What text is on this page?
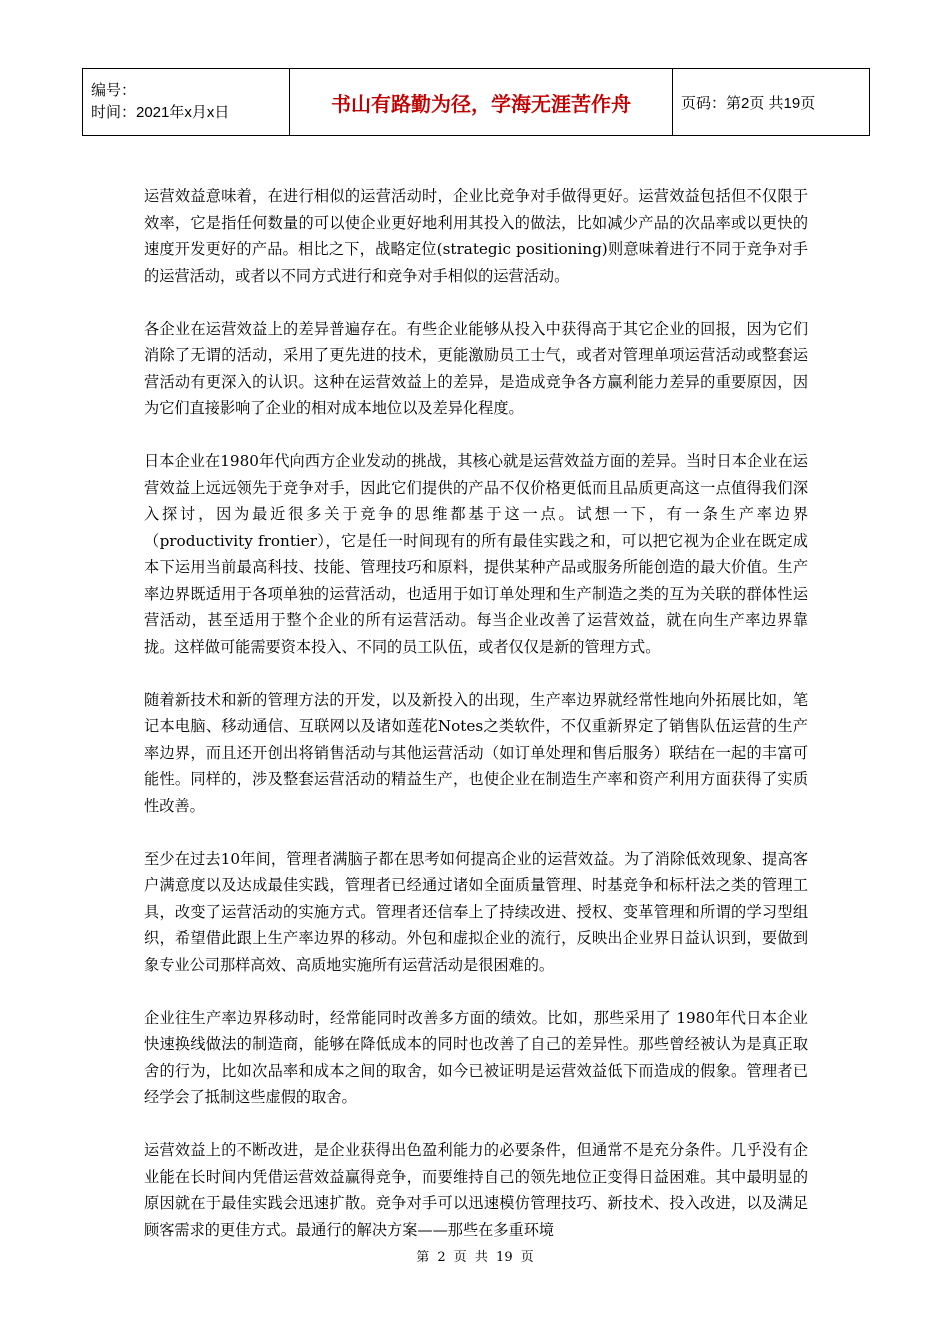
编号：
时间：2021年x月x日	书山有路勤为径，学海无涯苦作舟	页码：第2页 共19页

运营效益意味着，在进行相似的运营活动时，企业比竞争对手做得更好。运营效益包括但不仅限于效率，它是指任何数量的可以使企业更好地利用其投入的做法，比如减少产品的次品率或以更快的速度开发更好的产品。相比之下，战略定位(strategic positioning)则意味着进行不同于竞争对手的运营活动，或者以不同方式进行和竞争对手相似的运营活动。

各企业在运营效益上的差异普遍存在。有些企业能够从投入中获得高于其它企业的回报，因为它们消除了无谓的活动，采用了更先进的技术，更能激励员工士气，或者对管理单项运营活动或整套运营活动有更深入的认识。这种在运营效益上的差异，是造成竞争各方赢利能力差异的重要原因，因为它们直接影响了企业的相对成本地位以及差异化程度。

日本企业在1980年代向西方企业发动的挑战，其核心就是运营效益方面的差异。当时日本企业在运营效益上远远领先于竞争对手，因此它们提供的产品不仅价格更低而且品质更高这一点值得我们深入探讨，因为最近很多关于竞争的思维都基于这一点。试想一下，有一条生产率边界（productivity frontier），它是任一时间现有的所有最佳实践之和，可以把它视为企业在既定成本下运用当前最高科技、技能、管理技巧和原料，提供某种产品或服务所能创造的最大价值。生产率边界既适用于各项单独的运营活动，也适用于如订单处理和生产制造之类的互为关联的群体性运营活动，甚至适用于整个企业的所有运营活动。每当企业改善了运营效益，就在向生产率边界靠拢。这样做可能需要资本投入、不同的员工队伍，或者仅仅是新的管理方式。

随着新技术和新的管理方法的开发，以及新投入的出现，生产率边界就经常性地向外拓展比如，笔记本电脑、移动通信、互联网以及诸如莲花Notes之类软件，不仅重新界定了销售队伍运营的生产率边界，而且还开创出将销售活动与其他运营活动（如订单处理和售后服务）联结在一起的丰富可能性。同样的，涉及整套运营活动的精益生产，也使企业在制造生产率和资产利用方面获得了实质性改善。

至少在过去10年间，管理者满脑子都在思考如何提高企业的运营效益。为了消除低效现象、提高客户满意度以及达成最佳实践，管理者已经通过诸如全面质量管理、时基竞争和标杆法之类的管理工具，改变了运营活动的实施方式。管理者还信奉上了持续改进、授权、变革管理和所谓的学习型组织，希望借此跟上生产率边界的移动。外包和虚拟企业的流行，反映出企业界日益认识到，要做到象专业公司那样高效、高质地实施所有运营活动是很困难的。

企业往生产率边界移动时，经常能同时改善多方面的绩效。比如，那些采用了 1980年代日本企业快速换线做法的制造商，能够在降低成本的同时也改善了自己的差异性。那些曾经被认为是真正取舍的行为，比如次品率和成本之间的取舍，如今已被证明是运营效益低下而造成的假象。管理者已经学会了抵制这些虚假的取舍。

运营效益上的不断改进，是企业获得出色盈利能力的必要条件，但通常不是充分条件。几乎没有企业能在长时间内凭借运营效益赢得竞争，而要维持自己的领先地位正变得日益困难。其中最明显的原因就在于最佳实践会迅速扩散。竞争对手可以迅速模仿管理技巧、新技术、投入改进，以及满足顾客需求的更佳方式。最通行的解决方案——那些在多重环境

第 2 页 共 19 页
